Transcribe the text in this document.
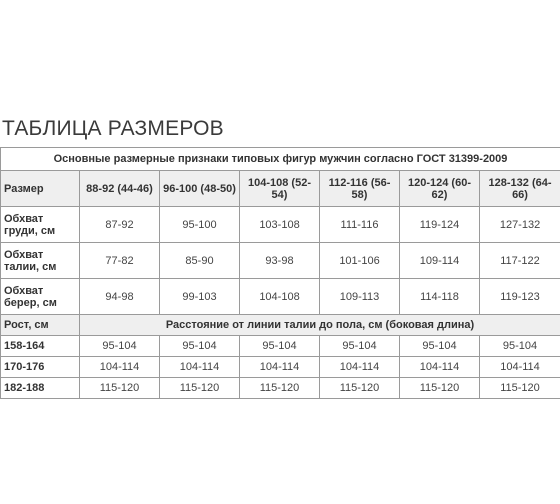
ТАБЛИЦА РАЗМЕРОВ
Основные размерные признаки типовых фигур мужчин согласно ГОСТ 31399-2009						
Размер	88-92 (44-46)	96-100 (48-50)	104-108 (52-54)	112-116 (56-58)	120-124 (60-62)	128-132 (64-66)
Обхват груди, см	87-92	95-100	103-108	111-116	119-124	127-132
Обхват талии, см	77-82	85-90	93-98	101-106	109-114	117-122
Обхват берер, см	94-98	99-103	104-108	109-113	114-118	119-123
Рост, см	Расстояние от линии талии до пола, см (боковая длина)					
158-164	95-104	95-104	95-104	95-104	95-104	95-104
170-176	104-114	104-114	104-114	104-114	104-114	104-114
182-188	115-120	115-120	115-120	115-120	115-120	115-120
